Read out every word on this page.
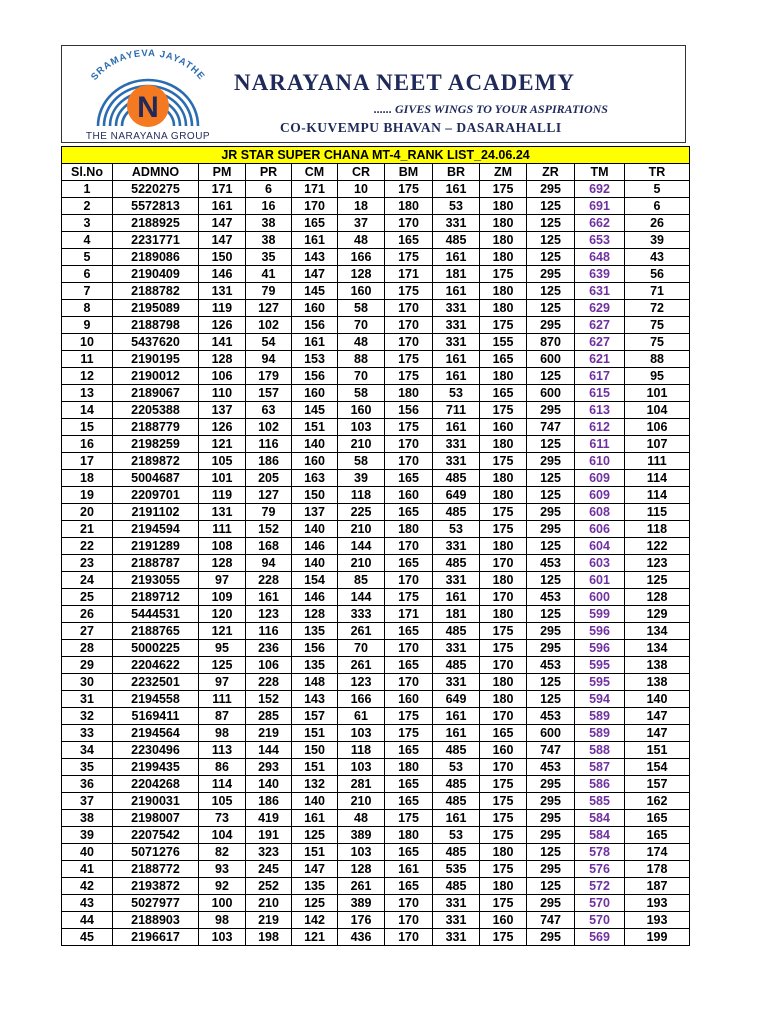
SRAMAYEVA JAYATHE
N
THE NARAYANA GROUP
NARAYANA NEET ACADEMY
...... GIVES WINGS TO YOUR ASPIRATIONS
CO-KUVEMPU BHAVAN – DASARAHALLI
JR STAR SUPER CHANA MT-4_RANK LIST_24.06.24											
Sl.No	ADMNO	PM	PR	CM	CR	BM	BR	ZM	ZR	TM	TR
1	5220275	171	6	171	10	175	161	175	295	692	5
2	5572813	161	16	170	18	180	53	180	125	691	6
3	2188925	147	38	165	37	170	331	180	125	662	26
4	2231771	147	38	161	48	165	485	180	125	653	39
5	2189086	150	35	143	166	175	161	180	125	648	43
6	2190409	146	41	147	128	171	181	175	295	639	56
7	2188782	131	79	145	160	175	161	180	125	631	71
8	2195089	119	127	160	58	170	331	180	125	629	72
9	2188798	126	102	156	70	170	331	175	295	627	75
10	5437620	141	54	161	48	170	331	155	870	627	75
11	2190195	128	94	153	88	175	161	165	600	621	88
12	2190012	106	179	156	70	175	161	180	125	617	95
13	2189067	110	157	160	58	180	53	165	600	615	101
14	2205388	137	63	145	160	156	711	175	295	613	104
15	2188779	126	102	151	103	175	161	160	747	612	106
16	2198259	121	116	140	210	170	331	180	125	611	107
17	2189872	105	186	160	58	170	331	175	295	610	111
18	5004687	101	205	163	39	165	485	180	125	609	114
19	2209701	119	127	150	118	160	649	180	125	609	114
20	2191102	131	79	137	225	165	485	175	295	608	115
21	2194594	111	152	140	210	180	53	175	295	606	118
22	2191289	108	168	146	144	170	331	180	125	604	122
23	2188787	128	94	140	210	165	485	170	453	603	123
24	2193055	97	228	154	85	170	331	180	125	601	125
25	2189712	109	161	146	144	175	161	170	453	600	128
26	5444531	120	123	128	333	171	181	180	125	599	129
27	2188765	121	116	135	261	165	485	175	295	596	134
28	5000225	95	236	156	70	170	331	175	295	596	134
29	2204622	125	106	135	261	165	485	170	453	595	138
30	2232501	97	228	148	123	170	331	180	125	595	138
31	2194558	111	152	143	166	160	649	180	125	594	140
32	5169411	87	285	157	61	175	161	170	453	589	147
33	2194564	98	219	151	103	175	161	165	600	589	147
34	2230496	113	144	150	118	165	485	160	747	588	151
35	2199435	86	293	151	103	180	53	170	453	587	154
36	2204268	114	140	132	281	165	485	175	295	586	157
37	2190031	105	186	140	210	165	485	175	295	585	162
38	2198007	73	419	161	48	175	161	175	295	584	165
39	2207542	104	191	125	389	180	53	175	295	584	165
40	5071276	82	323	151	103	165	485	180	125	578	174
41	2188772	93	245	147	128	161	535	175	295	576	178
42	2193872	92	252	135	261	165	485	180	125	572	187
43	5027977	100	210	125	389	170	331	175	295	570	193
44	2188903	98	219	142	176	170	331	160	747	570	193
45	2196617	103	198	121	436	170	331	175	295	569	199
